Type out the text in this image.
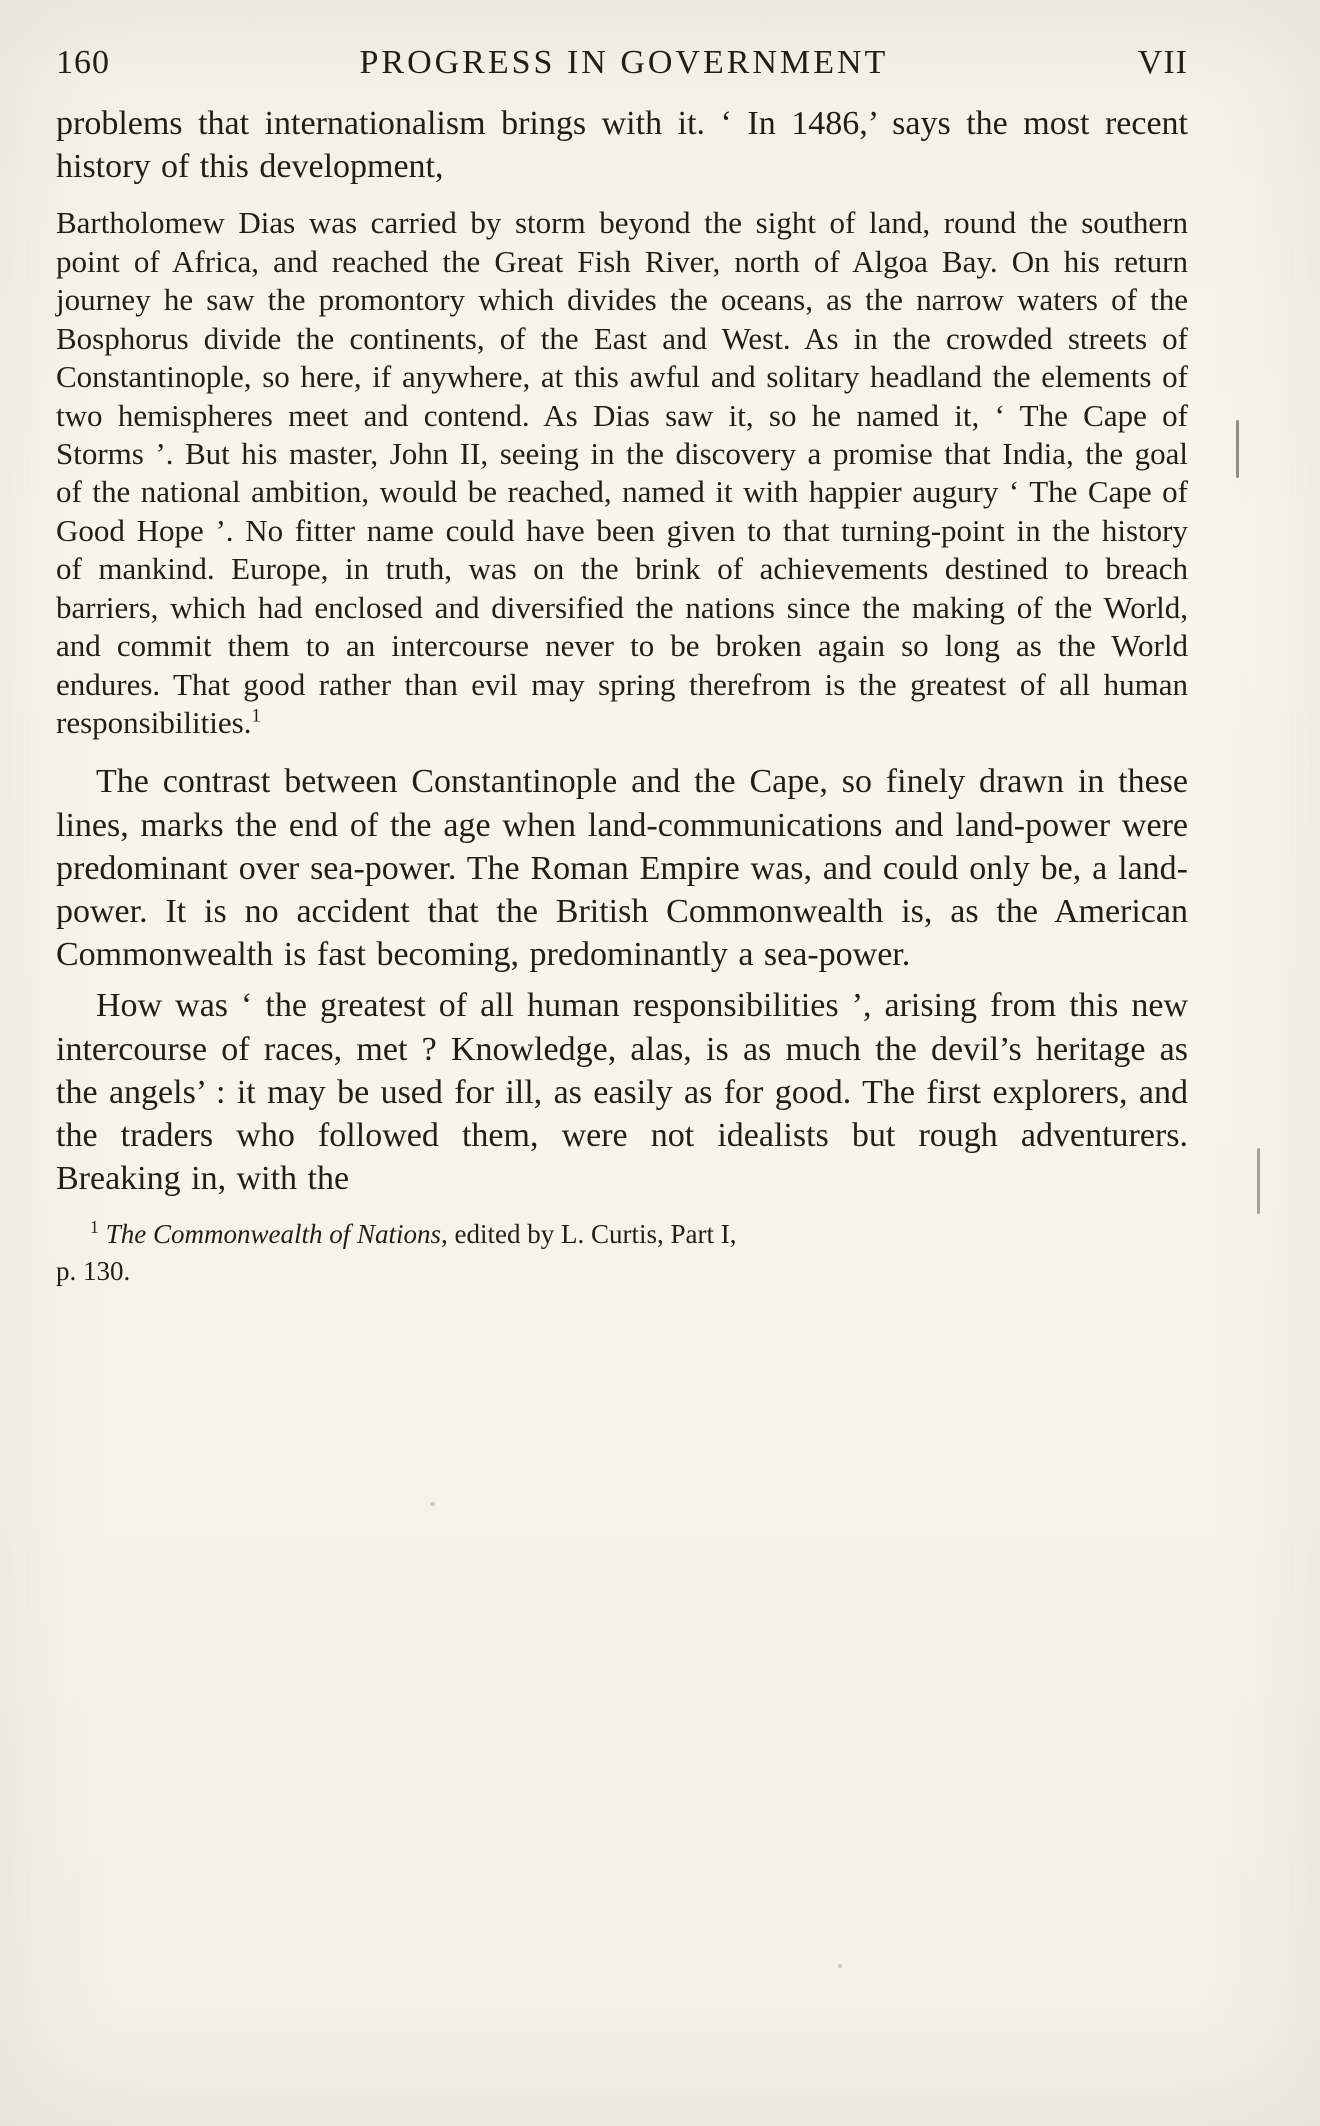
160	PROGRESS IN GOVERNMENT	VII

problems that internationalism brings with it. ‘ In 1486,’ says the most recent history of this development,

Bartholomew Dias was carried by storm beyond the sight of land, round the southern point of Africa, and reached the Great Fish River, north of Algoa Bay. On his return journey he saw the promontory which divides the oceans, as the narrow waters of the Bosphorus divide the continents, of the East and West. As in the crowded streets of Constantinople, so here, if anywhere, at this awful and solitary headland the elements of two hemispheres meet and contend. As Dias saw it, so he named it, ‘ The Cape of Storms ’. But his master, John II, seeing in the discovery a promise that India, the goal of the national ambition, would be reached, named it with happier augury ‘ The Cape of Good Hope ’. No fitter name could have been given to that turning-point in the history of mankind. Europe, in truth, was on the brink of achievements destined to breach barriers, which had enclosed and diversified the nations since the making of the World, and commit them to an intercourse never to be broken again so long as the World endures. That good rather than evil may spring therefrom is the greatest of all human responsibilities.$^1$

The contrast between Constantinople and the Cape, so finely drawn in these lines, marks the end of the age when land-communications and land-power were predominant over sea-power. The Roman Empire was, and could only be, a land-power. It is no accident that the British Commonwealth is, as the American Commonwealth is fast becoming, predominantly a sea-power.

How was ‘ the greatest of all human responsibilities ’, arising from this new intercourse of races, met ? Knowledge, alas, is as much the devil’s heritage as the angels’ : it may be used for ill, as easily as for good. The first explorers, and the traders who followed them, were not idealists but rough adventurers. Breaking in, with the

$^1$ The Commonwealth of Nations, edited by L. Curtis, Part I,

p. 130.
